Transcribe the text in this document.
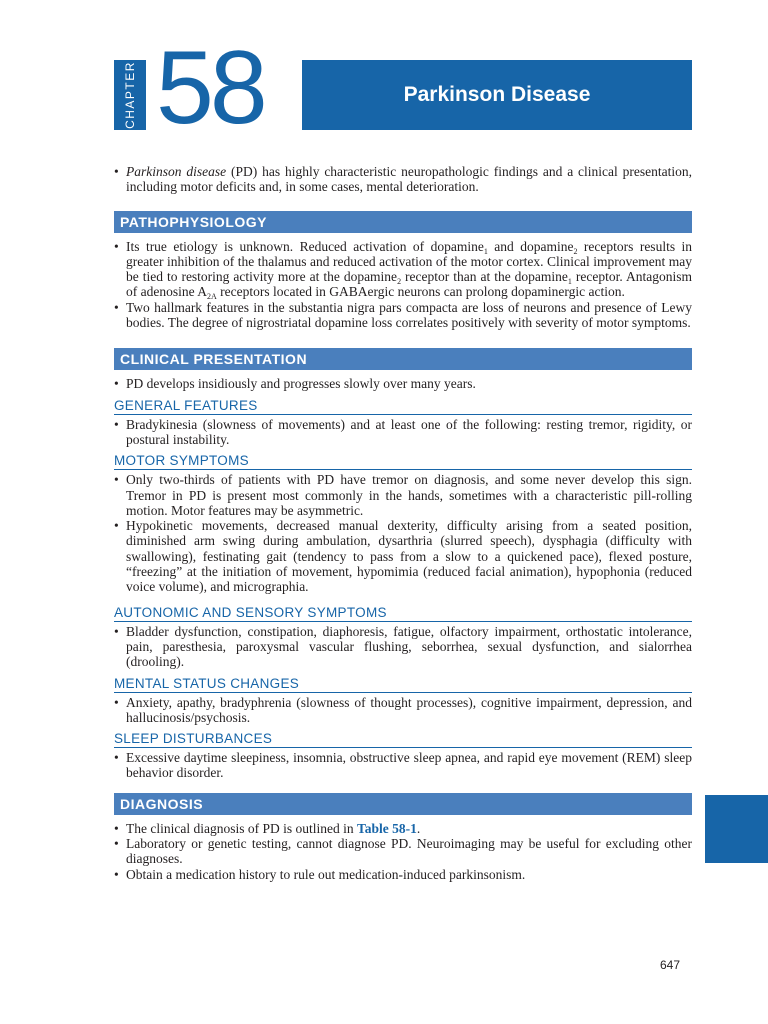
CHAPTER 58	Parkinson Disease
• Parkinson disease (PD) has highly characteristic neuropathologic findings and a clinical presentation, including motor deficits and, in some cases, mental deterioration.
PATHOPHYSIOLOGY
• Its true etiology is unknown. Reduced activation of dopamine$_1$ and dopamine$_2$ receptors results in greater inhibition of the thalamus and reduced activation of the motor cortex. Clinical improvement may be tied to restoring activity more at the dopamine$_2$ receptor than at the dopamine$_1$ receptor. Antagonism of adenosine $A_{2A}$ receptors located in GABAergic neurons can prolong dopaminergic action.
• Two hallmark features in the substantia nigra pars compacta are loss of neurons and presence of Lewy bodies. The degree of nigrostriatal dopamine loss correlates positively with severity of motor symptoms.
CLINICAL PRESENTATION
• PD develops insidiously and progresses slowly over many years.
GENERAL FEATURES
• Bradykinesia (slowness of movements) and at least one of the following: resting tremor, rigidity, or postural instability.
MOTOR SYMPTOMS
• Only two-thirds of patients with PD have tremor on diagnosis, and some never develop this sign. Tremor in PD is present most commonly in the hands, sometimes with a characteristic pill-rolling motion. Motor features may be asymmetric.
• Hypokinetic movements, decreased manual dexterity, difficulty arising from a seated position, diminished arm swing during ambulation, dysarthria (slurred speech), dysphagia (difficulty with swallowing), festinating gait (tendency to pass from a slow to a quickened pace), flexed posture, “freezing” at the initiation of movement, hypomimia (reduced facial animation), hypophonia (reduced voice volume), and micrographia.
AUTONOMIC AND SENSORY SYMPTOMS
• Bladder dysfunction, constipation, diaphoresis, fatigue, olfactory impairment, orthostatic intolerance, pain, paresthesia, paroxysmal vascular flushing, seborrhea, sexual dysfunction, and sialorrhea (drooling).
MENTAL STATUS CHANGES
• Anxiety, apathy, bradyphrenia (slowness of thought processes), cognitive impairment, depression, and hallucinosis/psychosis.
SLEEP DISTURBANCES
• Excessive daytime sleepiness, insomnia, obstructive sleep apnea, and rapid eye movement (REM) sleep behavior disorder.
DIAGNOSIS
• The clinical diagnosis of PD is outlined in Table 58-1.
• Laboratory or genetic testing, cannot diagnose PD. Neuroimaging may be useful for excluding other diagnoses.
• Obtain a medication history to rule out medication-induced parkinsonism.
647
